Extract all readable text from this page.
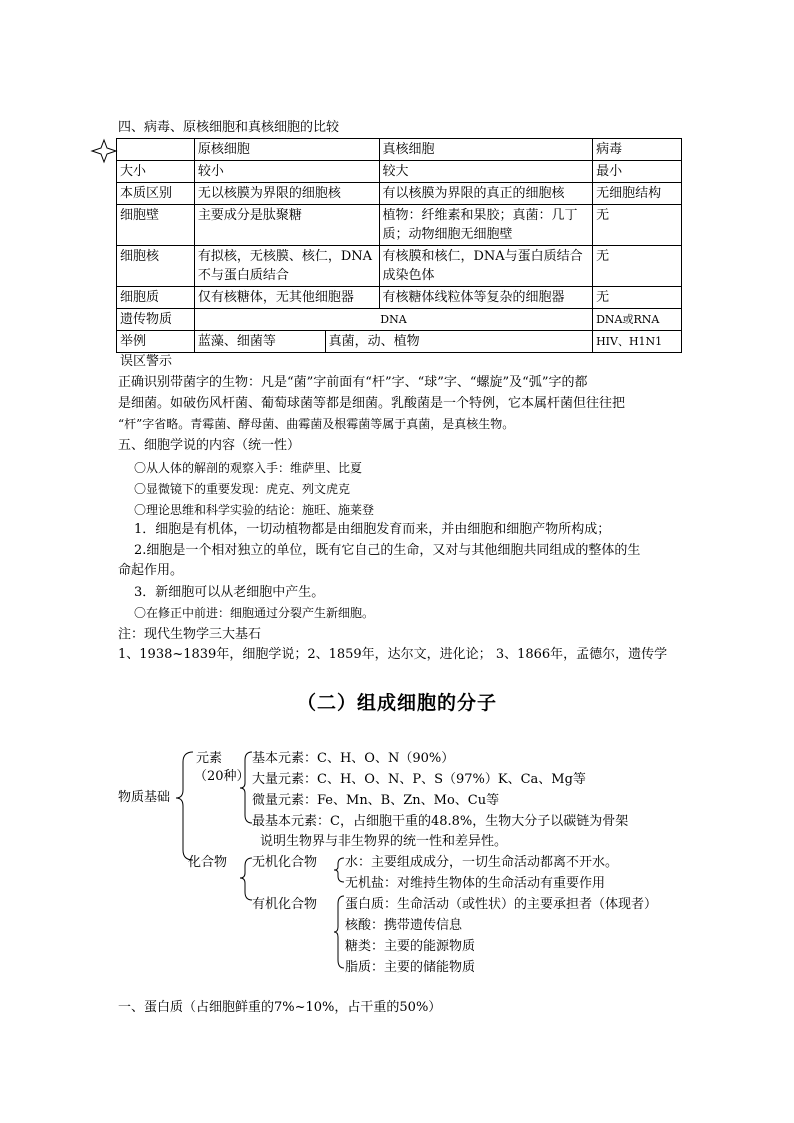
四、病毒、原核细胞和真核细胞的比较
	原核细胞		真核细胞	病毒
大小	较小		较大	最小
本质区别	无以核膜为界限的细胞核		有以核膜为界限的真正的细胞核	无细胞结构
细胞壁	主要成分是肽聚糖		植物：纤维素和果胶；真菌：几丁质；动物细胞无细胞壁	无
细胞核	有拟核，无核膜、核仁，DNA不与蛋白质结合		有核膜和核仁，DNA与蛋白质结合成染色体	无
细胞质	仅有核糖体，无其他细胞器		有核糖体线粒体等复杂的细胞器	无
遗传物质	DNA			DNA或RNA
举例	蓝藻、细菌等	真菌，动、植物		HIV、H1N1
误区警示
正确识别带菌字的生物：凡是“菌”字前面有“杆”字、“球”字、“螺旋”及“弧”字的都
是细菌。如破伤风杆菌、葡萄球菌等都是细菌。乳酸菌是一个特例，它本属杆菌但往往把
“杆”字省略。青霉菌、酵母菌、曲霉菌及根霉菌等属于真菌，是真核生物。
五、细胞学说的内容（统一性）
〇从人体的解剖的观察入手：维萨里、比夏
〇显微镜下的重要发现：虎克、列文虎克
〇理论思维和科学实验的结论：施旺、施莱登
1．细胞是有机体，一切动植物都是由细胞发育而来，并由细胞和细胞产物所构成；
2.细胞是一个相对独立的单位，既有它自己的生命，又对与其他细胞共同组成的整体的生
命起作用。
3．新细胞可以从老细胞中产生。
〇在修正中前进：细胞通过分裂产生新细胞。
注：现代生物学三大基石
1、1938~1839年，细胞学说；2、1859年，达尔文，进化论； 3、1866年，孟德尔，遗传学
（二）组成细胞的分子
物质基础
元素
（20种）
基本元素：C、H、O、N（90%）
大量元素：C、H、O、N、P、S（97%）K、Ca、Mg等
微量元素：Fe、Mn、B、Zn、Mo、Cu等
最基本元素：C，占细胞干重的48.8%，生物大分子以碳链为骨架
说明生物界与非生物界的统一性和差异性。
化合物 无机化合物 水：主要组成成分，一切生命活动都离不开水。
无机盐：对维持生物体的生命活动有重要作用
有机化合物 蛋白质：生命活动（或性状）的主要承担者（体现者）
核酸：携带遗传信息
糖类：主要的能源物质
脂质：主要的储能物质
一、蛋白质（占细胞鲜重的7%~10%，占干重的50%）
